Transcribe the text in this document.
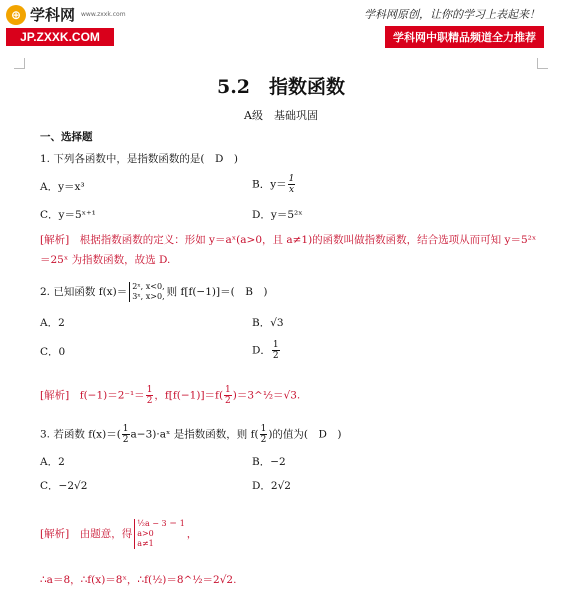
⊕ 学科网 www.zxxk.com
JP.ZXXK.COM
学科网原创，让你的学习上表起来！
学科网中职精品频道全力推荐
5.2　指数函数
A级　基础巩固
一、选择题
1. 下列各函数中，是指数函数的是(　D　)
A．y＝x³	B．$y= \frac{1}{x}$
C．y＝5ˣ⁺¹	D．y＝5²ˣ
[解析]　根据指数函数的定义：形如 y＝aˣ(a>0，且 a≠1)的函数叫做指数函数，结合选项从而可知 y＝5²ˣ
＝25ˣ 为指数函数，故选 D.
2. 已知函数 f(x)＝ 2ˣ, x<0,
3ˣ, x>0, 则 f[f(−1)]＝(　B　)
A．2	B．√3
C．0	D． $\frac{1}{2}$
[解析]　$f(-1)=2^{-1}= \frac{1}{2}$ ，$f[f(-1)]=f( \frac{1}{2}$ )＝3^½＝√3.
3. 若函数 $f(x)=( \frac{1}{2}$ a−3)·aˣ 是指数函数，则 $f( \frac{1}{2}$ )的值为(　D　)
A．2	B．−2
C．−2√2	D．2√2
[解析]　由题意，得
½a − 3 ＝ 1
a>0
a≠1
，
∴a＝8，∴f(x)＝8ˣ，∴f(½)＝8^½＝2√2.
